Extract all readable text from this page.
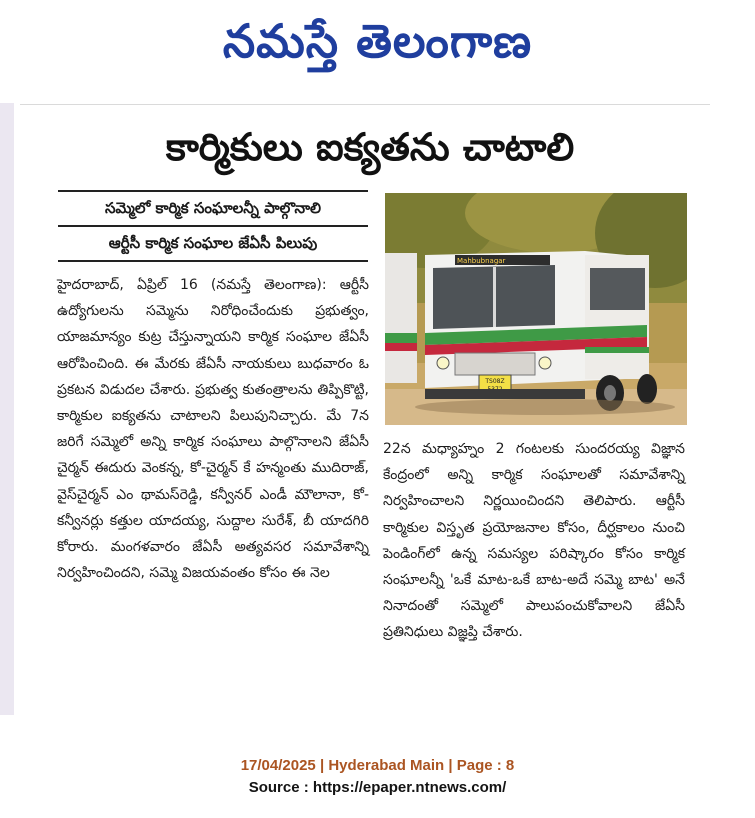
నమస్తే తెలంగాణ
కార్మికులు ఐక్యతను చాటాలి
సమ్మెలో కార్మిక సంఘాలన్నీ పాల్గొనాలి
ఆర్టీసీ కార్మిక సంఘాల జేఏసీ పిలుపు
హైదరాబాద్, ఏప్రిల్ 16 (నమస్తే తెలంగాణ): ఆర్టీసీ ఉద్యోగులను సమ్మెను నిరోధించేందుకు ప్రభుత్వం, యాజమాన్యం కుట్ర చేస్తున్నాయని కార్మిక సంఘాల జేఏసీ ఆరోపించింది. ఈ మేరకు జేఏసీ నాయకులు బుధవారం ఓ ప్రకటన విడుదల చేశారు. ప్రభుత్వ కుతంత్రాలను తిప్పికొట్టి, కార్మికుల ఐక్యతను చాటాలని పిలుపునిచ్చారు. మే 7న జరిగే సమ్మెలో అన్ని కార్మిక సంఘాలు పాల్గొనాలని జేఏసీ చైర్మన్ ఈదురు వెంకన్న, కో-చైర్మన్ కే హన్మంతు ముదిరాజ్, వైస్‌చైర్మన్ ఎం థామస్‌రెడ్డి, కన్వీనర్ ఎండీ మౌలానా, కో-కన్వీనర్లు కత్తుల యాదయ్య, సుద్దాల సురేశ్, బీ యాదగిరి కోరారు. మంగళవారం జేఏసీ అత్యవసర సమావేశాన్ని నిర్వహించిందని, సమ్మె విజయవంతం కోసం ఈ నెల
Mahbubnagar
TS08Z
22న మధ్యాహ్నం 2 గంటలకు సుందరయ్య విజ్ఞాన కేంద్రంలో అన్ని కార్మిక సంఘాలతో సమావేశాన్ని నిర్వహించాలని నిర్ణయించిందని తెలిపారు. ఆర్టీసీ కార్మికుల విస్తృత ప్రయోజనాల కోసం, దీర్ఘకాలం నుంచి పెండింగ్‌లో ఉన్న సమస్యల పరిష్కారం కోసం కార్మిక సంఘాలన్నీ 'ఒకే మాట-ఒకే బాట-అదే సమ్మె బాట' అనే నినాదంతో సమ్మెలో పాలుపంచుకోవాలని జేఏసీ ప్రతినిధులు విజ్ఞప్తి చేశారు.
17/04/2025 | Hyderabad Main | Page : 8
Source : https://epaper.ntnews.com/
